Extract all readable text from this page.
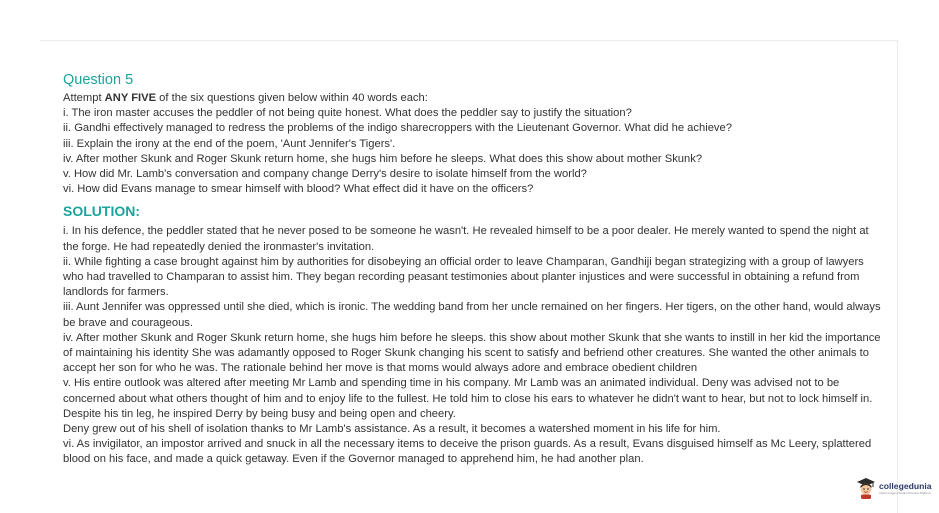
Question 5
Attempt ANY FIVE of the six questions given below within 40 words each:
i. The iron master accuses the peddler of not being quite honest. What does the peddler say to justify the situation?
ii. Gandhi effectively managed to redress the problems of the indigo sharecroppers with the Lieutenant Governor. What did he achieve?
iii. Explain the irony at the end of the poem, 'Aunt Jennifer's Tigers'.
iv. After mother Skunk and Roger Skunk return home, she hugs him before he sleeps. What does this show about mother Skunk?
v. How did Mr. Lamb's conversation and company change Derry's desire to isolate himself from the world?
vi. How did Evans manage to smear himself with blood? What effect did it have on the officers?
SOLUTION:
i. In his defence, the peddler stated that he never posed to be someone he wasn't. He revealed himself to be a poor dealer. He merely wanted to spend the night at the forge. He had repeatedly denied the ironmaster's invitation.
ii. While fighting a case brought against him by authorities for disobeying an official order to leave Champaran, Gandhiji began strategizing with a group of lawyers who had travelled to Champaran to assist him. They began recording peasant testimonies about planter injustices and were successful in obtaining a refund from landlords for farmers.
iii. Aunt Jennifer was oppressed until she died, which is ironic. The wedding band from her uncle remained on her fingers. Her tigers, on the other hand, would always be brave and courageous.
iv. After mother Skunk and Roger Skunk return home, she hugs him before he sleeps. this show about mother Skunk that she wants to instill in her kid the importance of maintaining his identity She was adamantly opposed to Roger Skunk changing his scent to satisfy and befriend other creatures. She wanted the other animals to accept her son for who he was. The rationale behind her move is that moms would always adore and embrace obedient children
v. His entire outlook was altered after meeting Mr Lamb and spending time in his company. Mr Lamb was an animated individual. Deny was advised not to be concerned about what others thought of him and to enjoy life to the fullest. He told him to close his ears to whatever he didn't want to hear, but not to lock himself in. Despite his tin leg, he inspired Derry by being busy and being open and cheery.
Deny grew out of his shell of isolation thanks to Mr Lamb's assistance. As a result, it becomes a watershed moment in his life for him.
vi. As invigilator, an impostor arrived and snuck in all the necessary items to deceive the prison guards. As a result, Evans disguised himself as Mc Leery, splattered blood on his face, and made a quick getaway. Even if the Governor managed to apprehend him, he had another plan.
collegedunia
India's largest Student Review Platform
